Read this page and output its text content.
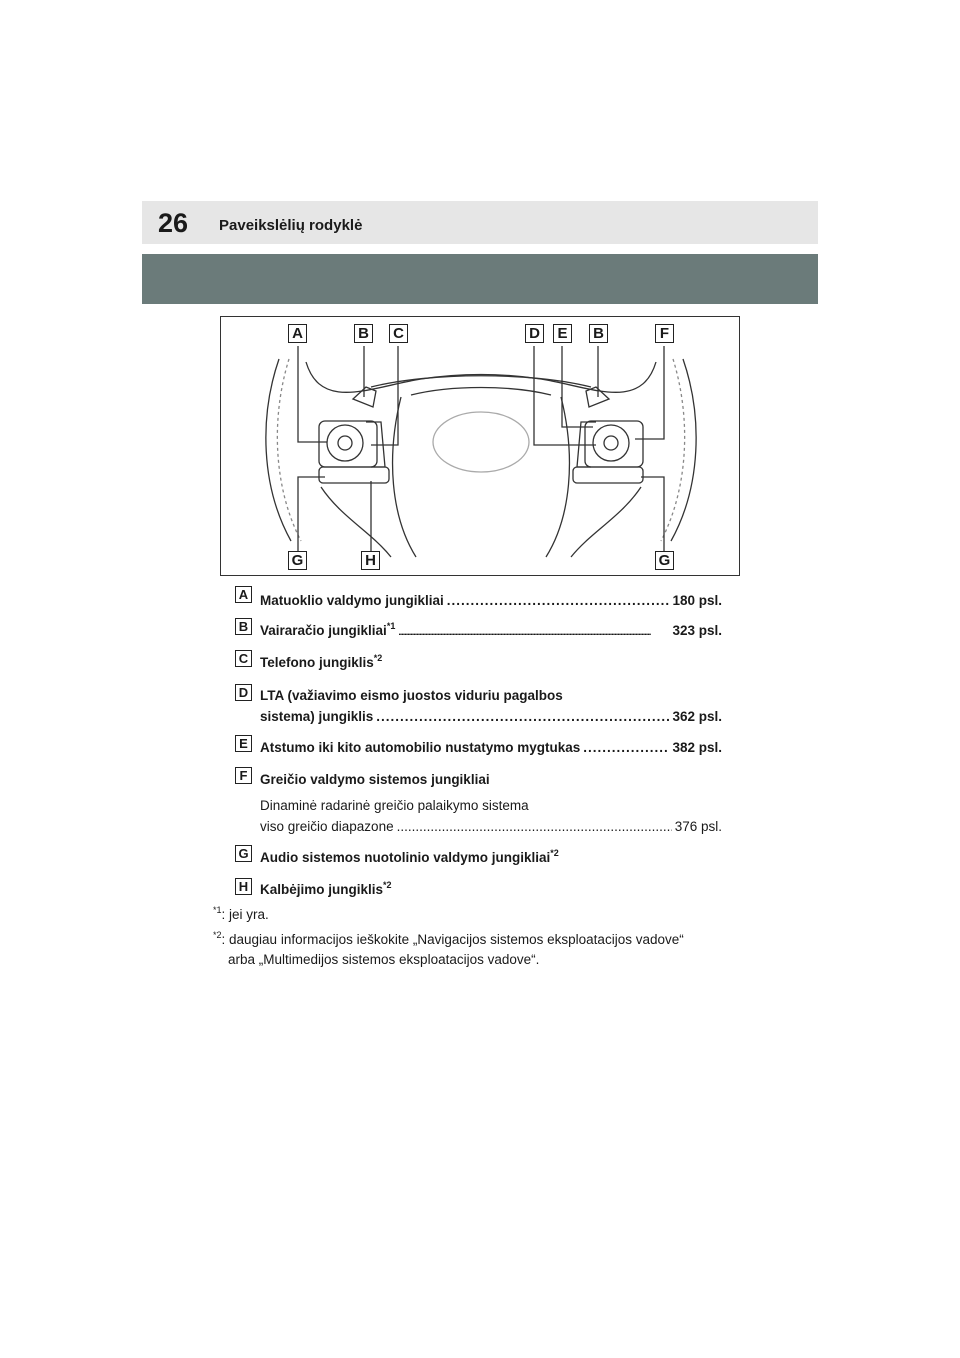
26 Paveikslėlių rodyklė
A	B C	D E	B	F
G	H	G
A Matuoklio valdymo jungikliai .....	180 psl.
B Vairaračio jungikliai$^{*1}$ .....	323 psl.
C Telefono jungiklis$^{*2}$
D LTA (važiavimo eismo juostos viduriu pagalbos
sistema) jungiklis .....	362 psl.
E Atstumo iki kito automobilio nustatymo mygtukas .....	382 psl.
F Greičio valdymo sistemos jungikliai
Dinaminė radarinė greičio palaikymo sistema
viso greičio diapazone .....	376 psl.
G Audio sistemos nuotolinio valdymo jungikliai$^{*2}$
H Kalbėjimo jungiklis$^{*2}$
$^{*1}$: jei yra.
$^{*2}$: daugiau informacijos ieškokite „Navigacijos sistemos eksploatacijos vadove“
arba „Multimedijos sistemos eksploatacijos vadove“.
